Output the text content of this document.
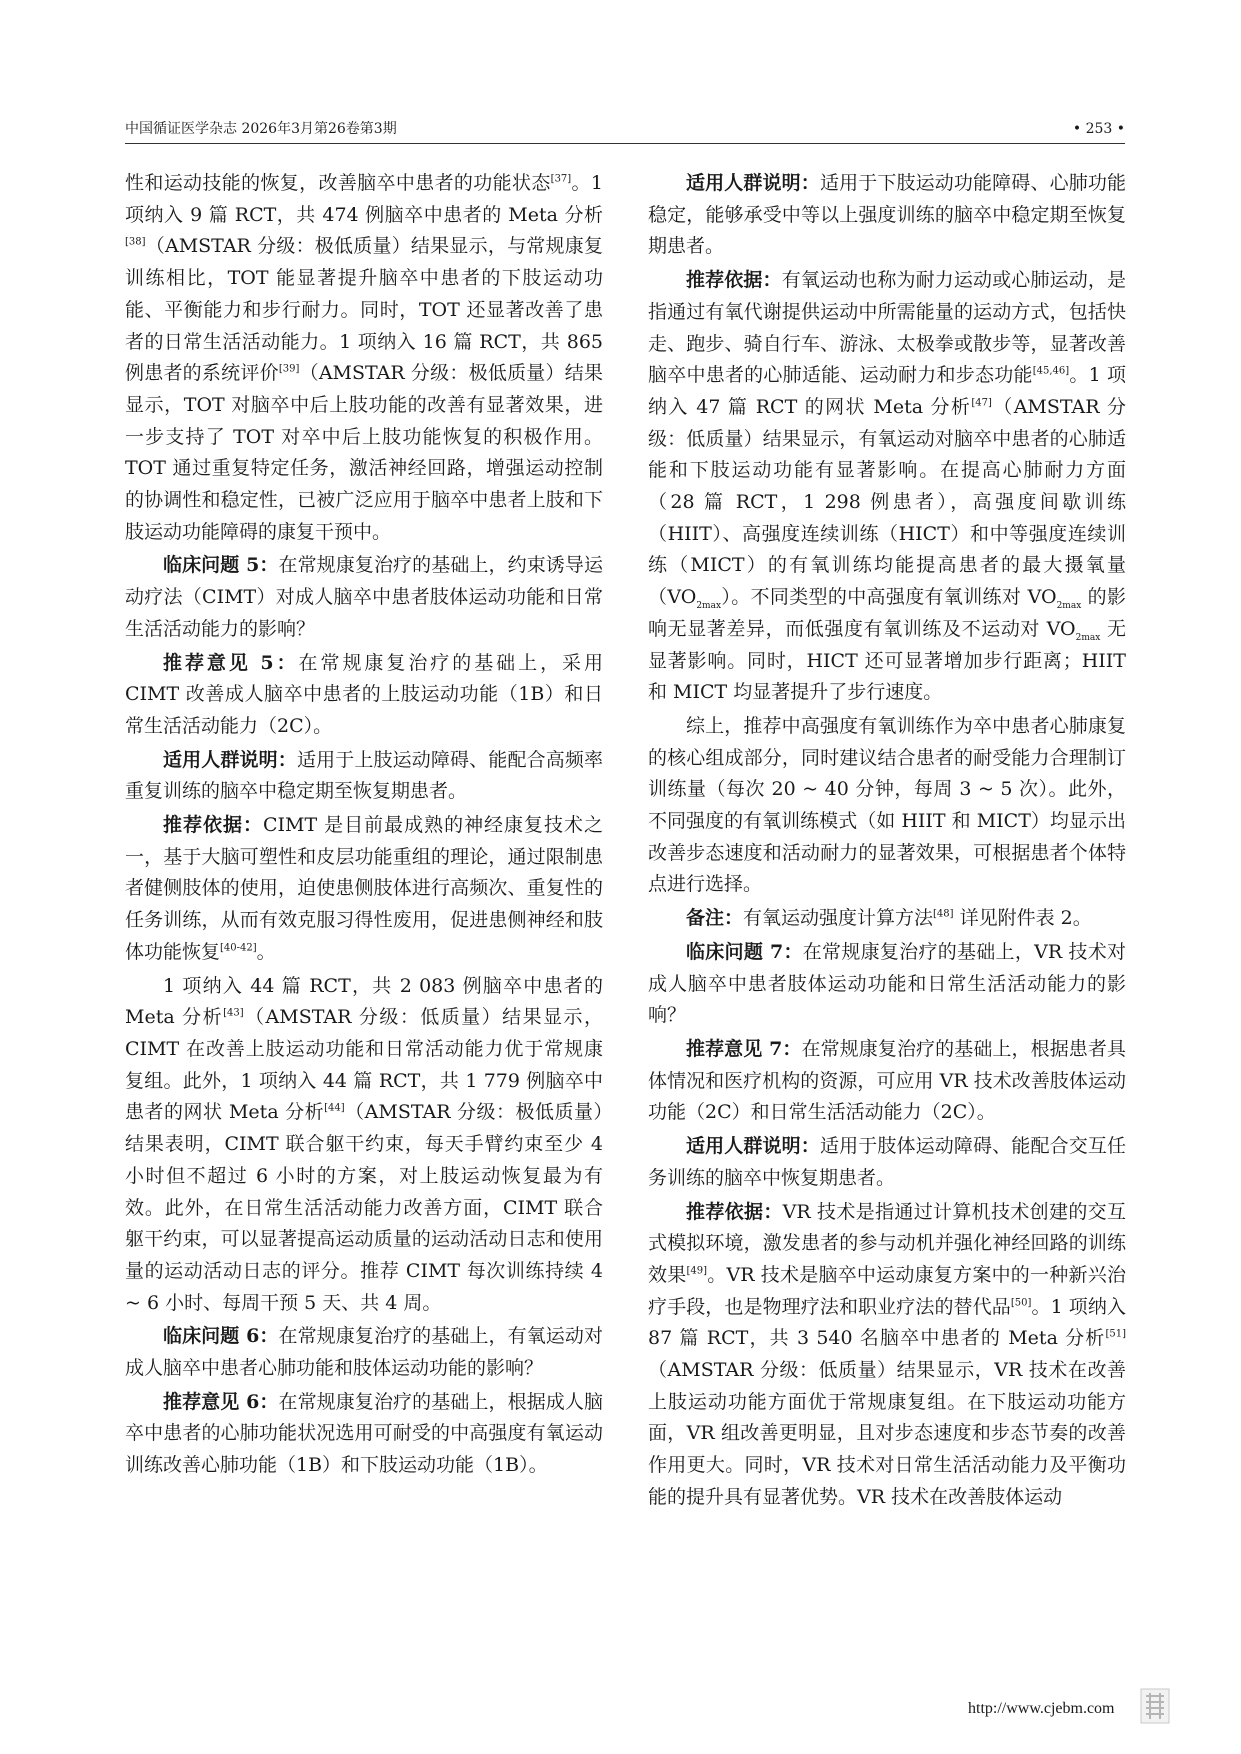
中国循证医学杂志 2026年3月第26卷第3期	• 253 •

性和运动技能的恢复，改善脑卒中患者的功能状态[37]。1 项纳入 9 篇 RCT，共 474 例脑卒中患者的 Meta 分析[38]（AMSTAR 分级：极低质量）结果显示，与常规康复训练相比，TOT 能显著提升脑卒中患者的下肢运动功能、平衡能力和步行耐力。同时，TOT 还显著改善了患者的日常生活活动能力。1 项纳入 16 篇 RCT，共 865 例患者的系统评价[39]（AMSTAR 分级：极低质量）结果显示，TOT 对脑卒中后上肢功能的改善有显著效果，进一步支持了 TOT 对卒中后上肢功能恢复的积极作用。TOT 通过重复特定任务，激活神经回路，增强运动控制的协调性和稳定性，已被广泛应用于脑卒中患者上肢和下肢运动功能障碍的康复干预中。

临床问题 5：在常规康复治疗的基础上，约束诱导运动疗法（CIMT）对成人脑卒中患者肢体运动功能和日常生活活动能力的影响？

推荐意见 5：在常规康复治疗的基础上，采用 CIMT 改善成人脑卒中患者的上肢运动功能（1B）和日常生活活动能力（2C）。

适用人群说明：适用于上肢运动障碍、能配合高频率重复训练的脑卒中稳定期至恢复期患者。

推荐依据：CIMT 是目前最成熟的神经康复技术之一，基于大脑可塑性和皮层功能重组的理论，通过限制患者健侧肢体的使用，迫使患侧肢体进行高频次、重复性的任务训练，从而有效克服习得性废用，促进患侧神经和肢体功能恢复[40-42]。

1 项纳入 44 篇 RCT，共 2 083 例脑卒中患者的 Meta 分析[43]（AMSTAR 分级：低质量）结果显示，CIMT 在改善上肢运动功能和日常活动能力优于常规康复组。此外，1 项纳入 44 篇 RCT，共 1 779 例脑卒中患者的网状 Meta 分析[44]（AMSTAR 分级：极低质量）结果表明，CIMT 联合躯干约束，每天手臂约束至少 4 小时但不超过 6 小时的方案，对上肢运动恢复最为有效。此外，在日常生活活动能力改善方面，CIMT 联合躯干约束，可以显著提高运动质量的运动活动日志和使用量的运动活动日志的评分。推荐 CIMT 每次训练持续 4 ~ 6 小时、每周干预 5 天、共 4 周。

临床问题 6：在常规康复治疗的基础上，有氧运动对成人脑卒中患者心肺功能和肢体运动功能的影响？

推荐意见 6：在常规康复治疗的基础上，根据成人脑卒中患者的心肺功能状况选用可耐受的中高强度有氧运动训练改善心肺功能（1B）和下肢运动功能（1B）。

适用人群说明：适用于下肢运动功能障碍、心肺功能稳定，能够承受中等以上强度训练的脑卒中稳定期至恢复期患者。

推荐依据：有氧运动也称为耐力运动或心肺运动，是指通过有氧代谢提供运动中所需能量的运动方式，包括快走、跑步、骑自行车、游泳、太极拳或散步等，显著改善脑卒中患者的心肺适能、运动耐力和步态功能[45,46]。1 项纳入 47 篇 RCT 的网状 Meta 分析[47]（AMSTAR 分级：低质量）结果显示，有氧运动对脑卒中患者的心肺适能和下肢运动功能有显著影响。在提高心肺耐力方面（28 篇 RCT，1 298 例患者），高强度间歇训练（HIIT）、高强度连续训练（HICT）和中等强度连续训练（MICT）的有氧训练均能提高患者的最大摄氧量$(VO_{2max})$。不同类型的中高强度有氧训练对 $VO_{2max}$ 的影响无显著差异，而低强度有氧训练及不运动对 $VO_{2max}$ 无显著影响。同时，HICT 还可显著增加步行距离；HIIT 和 MICT 均显著提升了步行速度。

综上，推荐中高强度有氧训练作为卒中患者心肺康复的核心组成部分，同时建议结合患者的耐受能力合理制订训练量（每次 20 ~ 40 分钟，每周 3 ~ 5 次）。此外，不同强度的有氧训练模式（如 HIIT 和 MICT）均显示出改善步态速度和活动耐力的显著效果，可根据患者个体特点进行选择。

备注：有氧运动强度计算方法[48] 详见附件表 2。

临床问题 7：在常规康复治疗的基础上，VR 技术对成人脑卒中患者肢体运动功能和日常生活活动能力的影响？

推荐意见 7：在常规康复治疗的基础上，根据患者具体情况和医疗机构的资源，可应用 VR 技术改善肢体运动功能（2C）和日常生活活动能力（2C）。

适用人群说明：适用于肢体运动障碍、能配合交互任务训练的脑卒中恢复期患者。

推荐依据：VR 技术是指通过计算机技术创建的交互式模拟环境，激发患者的参与动机并强化神经回路的训练效果[49]。VR 技术是脑卒中运动康复方案中的一种新兴治疗手段，也是物理疗法和职业疗法的替代品[50]。1 项纳入 87 篇 RCT，共 3 540 名脑卒中患者的 Meta 分析[51]（AMSTAR 分级：低质量）结果显示，VR 技术在改善上肢运动功能方面优于常规康复组。在下肢运动功能方面，VR 组改善更明显，且对步态速度和步态节奏的改善作用更大。同时，VR 技术对日常生活活动能力及平衡功能的提升具有显著优势。VR 技术在改善肢体运动

http://www.cjebm.com
